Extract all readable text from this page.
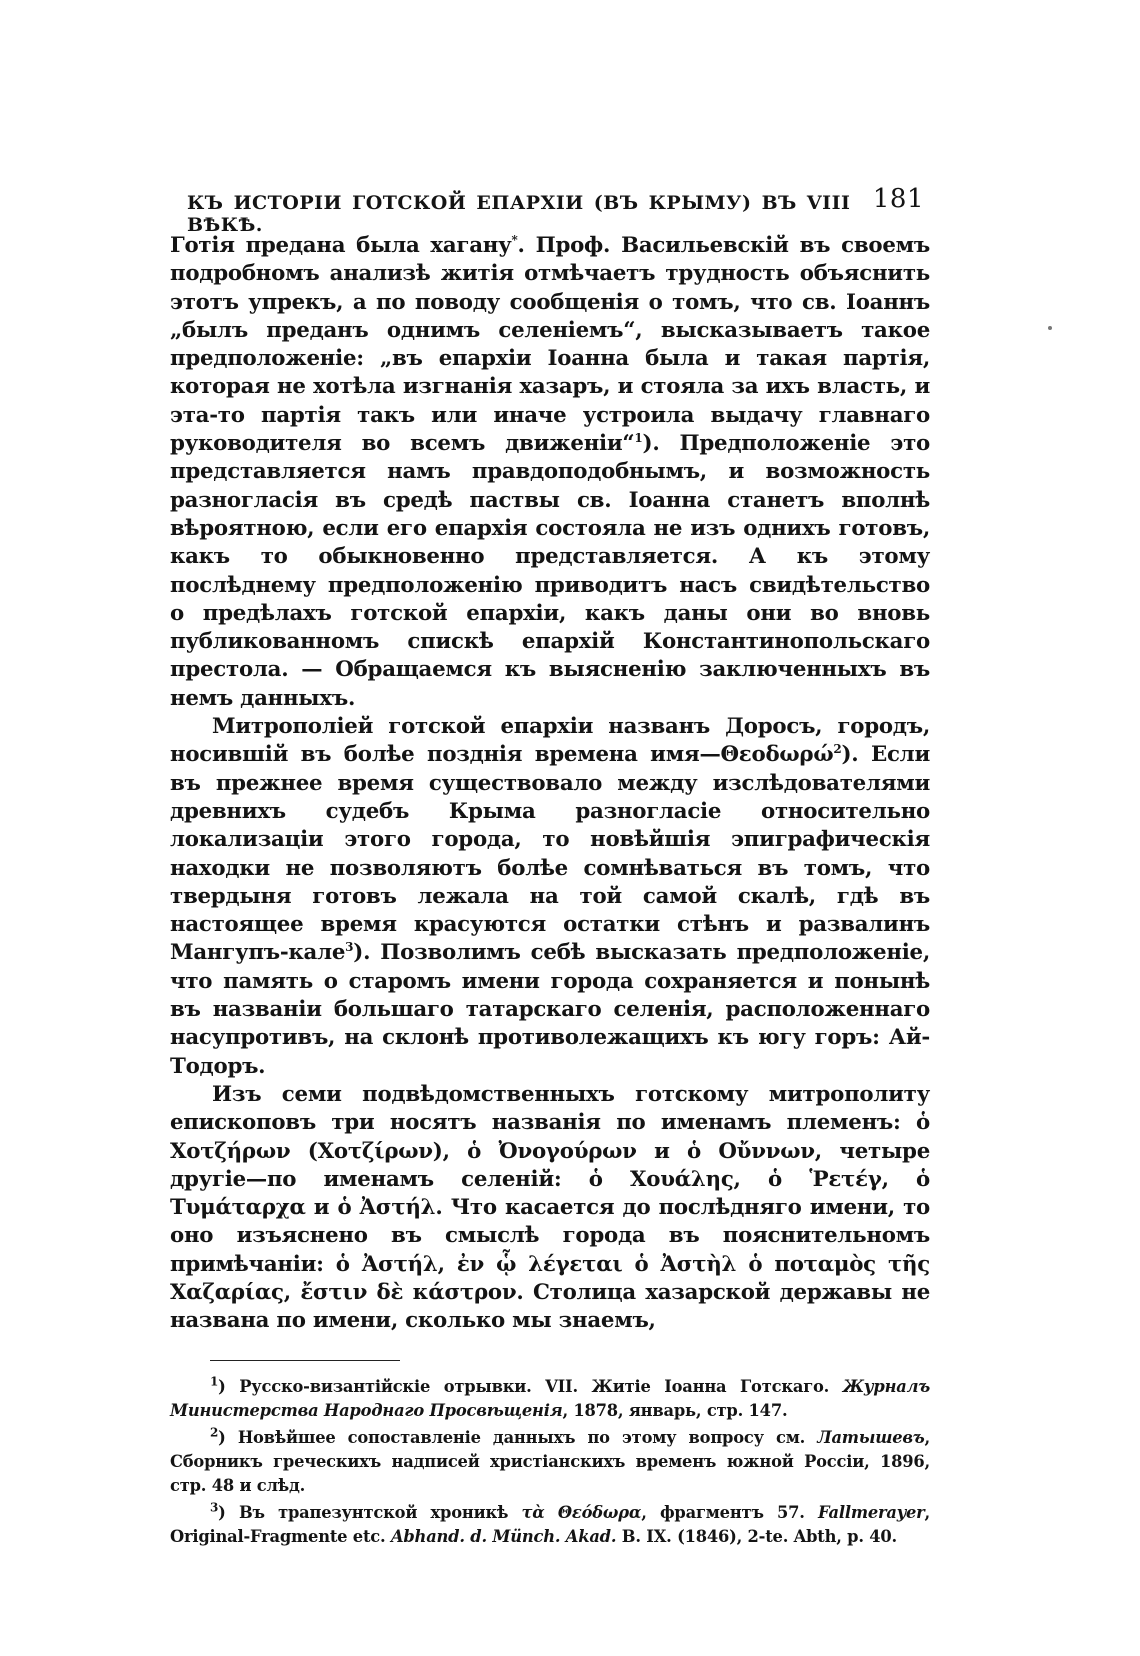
КЪ ИСТОРІИ ГОТСКОЙ ЕПАРХІИ (ВЪ КРЫМУ) ВЪ VIII ВѢКѢ.
181

Готія предана была хагану*. Проф. Васильевскій въ своемъ подробномъ анализѣ житія отмѣчаетъ трудность объяснить этотъ упрекъ, а по поводу сообщенія о томъ, что св. Іоаннъ „былъ преданъ однимъ селеніемъ“, высказываетъ такое предположеніе: „въ епархіи Іоанна была и такая партія, которая не хотѣла изгнанія хазаръ, и стояла за ихъ власть, и эта-то партія такъ или иначе устроила выдачу главнаго руководителя во всемъ движеніи“$^1$). Предположеніе это представляется намъ правдоподобнымъ, и возможность разногласія въ средѣ паствы св. Іоанна станетъ вполнѣ вѣроятною, если его епархія состояла не изъ однихъ готовъ, какъ то обыкновенно представляется. А къ этому послѣднему предположенію приводитъ насъ свидѣтельство о предѣлахъ готской епархіи, какъ даны они во вновь публикованномъ спискѣ епархій Константинопольскаго престола. — Обращаемся къ выясненію заключенныхъ въ немъ данныхъ.

Митрополіей готской епархіи названъ Доросъ, городъ, носившій въ болѣе позднія времена имя—Θεοδωρώ$^2$). Если въ прежнее время существовало между изслѣдователями древнихъ судебъ Крыма разногласіе относительно локализаціи этого города, то новѣйшія эпиграфическія находки не позволяютъ болѣе сомнѣваться въ томъ, что твердыня готовъ лежала на той самой скалѣ, гдѣ въ настоящее время красуются остатки стѣнъ и развалинъ Мангупъ-кале$^3$). Позволимъ себѣ высказать предположеніе, что память о старомъ имени города сохраняется и понынѣ въ названіи большаго татарскаго селенія, расположеннаго насупротивъ, на склонѣ противолежащихъ къ югу горъ: Ай-Тодоръ.

Изъ семи подвѣдомственныхъ готскому митрополиту епископовъ три носятъ названія по именамъ племенъ: ὁ Χοτζήρων (Χοτζίρων), ὁ Ὀνογούρων и ὁ Οὔννων, четыре другіе—по именамъ селеній: ὁ Χουάλης, ὁ Ῥετέγ, ὁ Τυμάταρχα и ὁ Ἀστήλ. Что касается до послѣдняго имени, то оно изъяснено въ смыслѣ города въ пояснительномъ примѣчаніи: ὁ Ἀστήλ, ἐν ᾧ λέγεται ὁ Ἀστὴλ ὁ ποταμὸς τῆς Χαζαρίας, ἔστιν δὲ κάστρον. Столица хазарской державы не названа по имени, сколько мы знаемъ,

$^1$) Русско-византійскіе отрывки. VII. Житіе Іоанна Готскаго. Журналъ Министерства Народнаго Просвѣщенія, 1878, январь, стр. 147.

$^2$) Новѣйшее сопоставленіе данныхъ по этому вопросу см. Латышевъ, Сборникъ греческихъ надписей христіанскихъ временъ южной Россіи, 1896, стр. 48 и слѣд.

$^3$) Въ трапезунтской хроникѣ τὰ Θεόδωρα, фрагментъ 57. Fallmerayer, Original-Fragmente etc. Abhand. d. Münch. Akad. B. IX. (1846), 2-te. Abth, p. 40.
